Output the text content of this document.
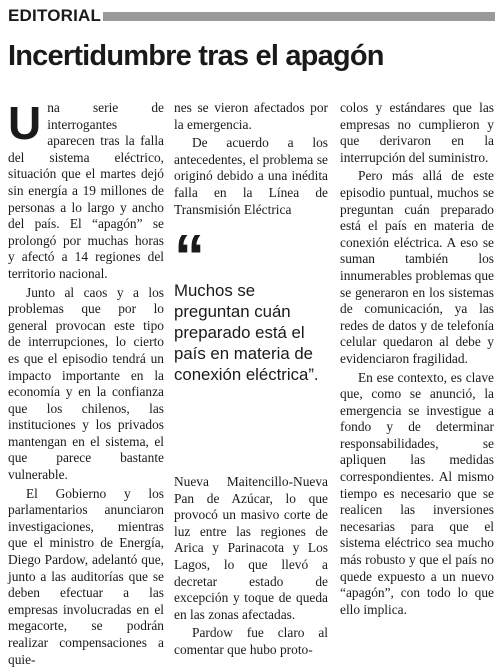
EDITORIAL
Incertidumbre tras el apagón

Una serie de interrogantes aparecen tras la falla del sistema eléctrico, situación que el martes dejó sin energía a 19 millones de personas a lo largo y ancho del país. El “apagón” se prolongó por muchas horas y afectó a 14 regiones del territorio nacional.

Junto al caos y a los problemas que por lo general provocan este tipo de interrupciones, lo cierto es que el episodio tendrá un impacto importante en la economía y en la confianza que los chilenos, las instituciones y los privados mantengan en el sistema, el que parece bastante vulnerable.

El Gobierno y los parlamentarios anunciaron investigaciones, mientras que el ministro de Energía, Diego Pardow, adelantó que, junto a las auditorías que se deben efectuar a las empresas involucradas en el megacorte, se podrán realizar compensaciones a quie-

nes se vieron afectados por la emergencia.

De acuerdo a los antecedentes, el problema se originó debido a una inédita falla en la Línea de Transmisión Eléctrica

“
Muchos se preguntan cuán preparado está el país en materia de conexión eléctrica”.

Nueva Maitencillo-Nueva Pan de Azúcar, lo que provocó un masivo corte de luz entre las regiones de Arica y Parinacota y Los Lagos, lo que llevó a decretar estado de excepción y toque de queda en las zonas afectadas.

Pardow fue claro al comentar que hubo proto-

colos y estándares que las empresas no cumplieron y que derivaron en la interrupción del suministro.

Pero más allá de este episodio puntual, muchos se preguntan cuán preparado está el país en materia de conexión eléctrica. A eso se suman también los innumerables problemas que se generaron en los sistemas de comunicación, ya las redes de datos y de telefonía celular quedaron al debe y evidenciaron fragilidad.

En ese contexto, es clave que, como se anunció, la emergencia se investigue a fondo y de determinar responsabilidades, se apliquen las medidas correspondientes. Al mismo tiempo es necesario que se realicen las inversiones necesarias para que el sistema eléctrico sea mucho más robusto y que el país no quede expuesto a un nuevo “apagón”, con todo lo que ello implica.
